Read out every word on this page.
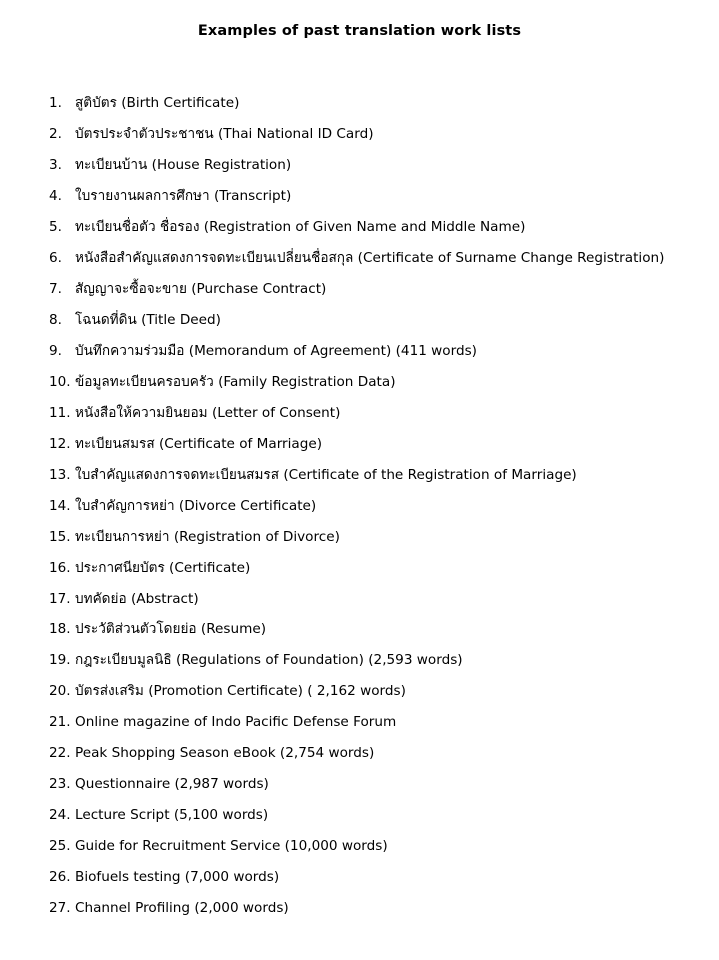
Examples of past translation work lists
1. สูติบัตร (Birth Certificate)
2. บัตรประจำตัวประชาชน (Thai National ID Card)
3. ทะเบียนบ้าน (House Registration)
4. ใบรายงานผลการศึกษา (Transcript)
5. ทะเบียนชื่อตัว ชื่อรอง (Registration of Given Name and Middle Name)
6. หนังสือสำคัญแสดงการจดทะเบียนเปลี่ยนชื่อสกุล (Certificate of Surname Change Registration)
7. สัญญาจะซื้อจะขาย (Purchase Contract)
8. โฉนดที่ดิน (Title Deed)
9. บันทึกความร่วมมือ (Memorandum of Agreement) (411 words)
10. ข้อมูลทะเบียนครอบครัว (Family Registration Data)
11. หนังสือให้ความยินยอม (Letter of Consent)
12. ทะเบียนสมรส (Certificate of Marriage)
13. ใบสำคัญแสดงการจดทะเบียนสมรส (Certificate of the Registration of Marriage)
14. ใบสำคัญการหย่า (Divorce Certificate)
15. ทะเบียนการหย่า (Registration of Divorce)
16. ประกาศนียบัตร (Certificate)
17. บทคัดย่อ (Abstract)
18. ประวัติส่วนตัวโดยย่อ (Resume)
19. กฎระเบียบมูลนิธิ (Regulations of Foundation) (2,593 words)
20. บัตรส่งเสริม (Promotion Certificate) ( 2,162 words)
21. Online magazine of Indo Pacific Defense Forum
22. Peak Shopping Season eBook (2,754 words)
23. Questionnaire (2,987 words)
24. Lecture Script (5,100 words)
25. Guide for Recruitment Service (10,000 words)
26. Biofuels testing (7,000 words)
27. Channel Profiling (2,000 words)
